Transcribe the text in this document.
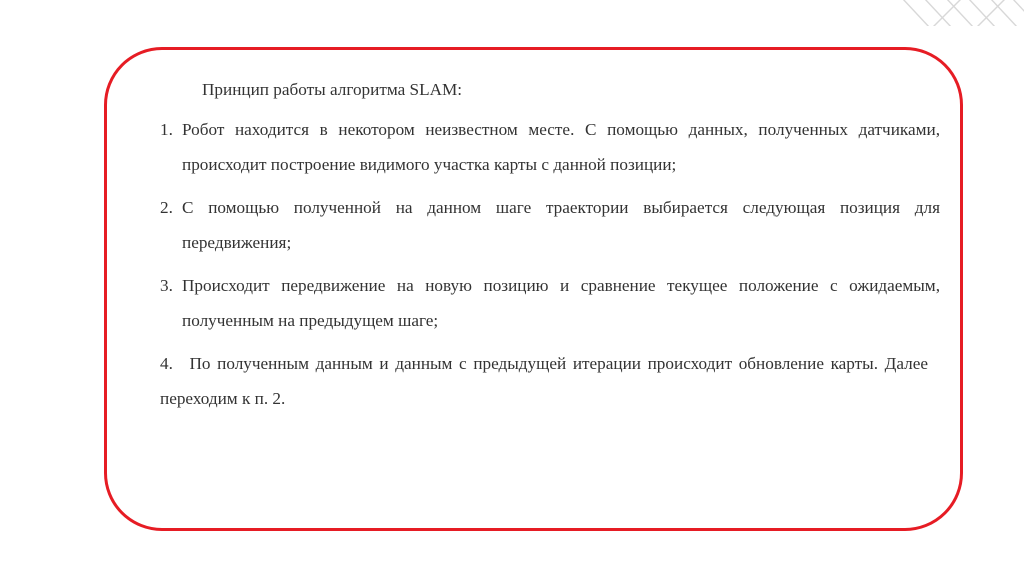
Принцип работы алгоритма SLAM:

1. Робот находится в некотором неизвестном месте. С помощью данных, полученных датчиками, происходит построение видимого участка карты с данной позиции;
2. С помощью полученной на данном шаге траектории выбирается следующая позиция для передвижения;
3. Происходит передвижение на новую позицию и сравнение текущее положение с ожидаемым, полученным на предыдущем шаге;
4. По полученным данным и данным с предыдущей итерации происходит обновление карты. Далее переходим к п. 2.
